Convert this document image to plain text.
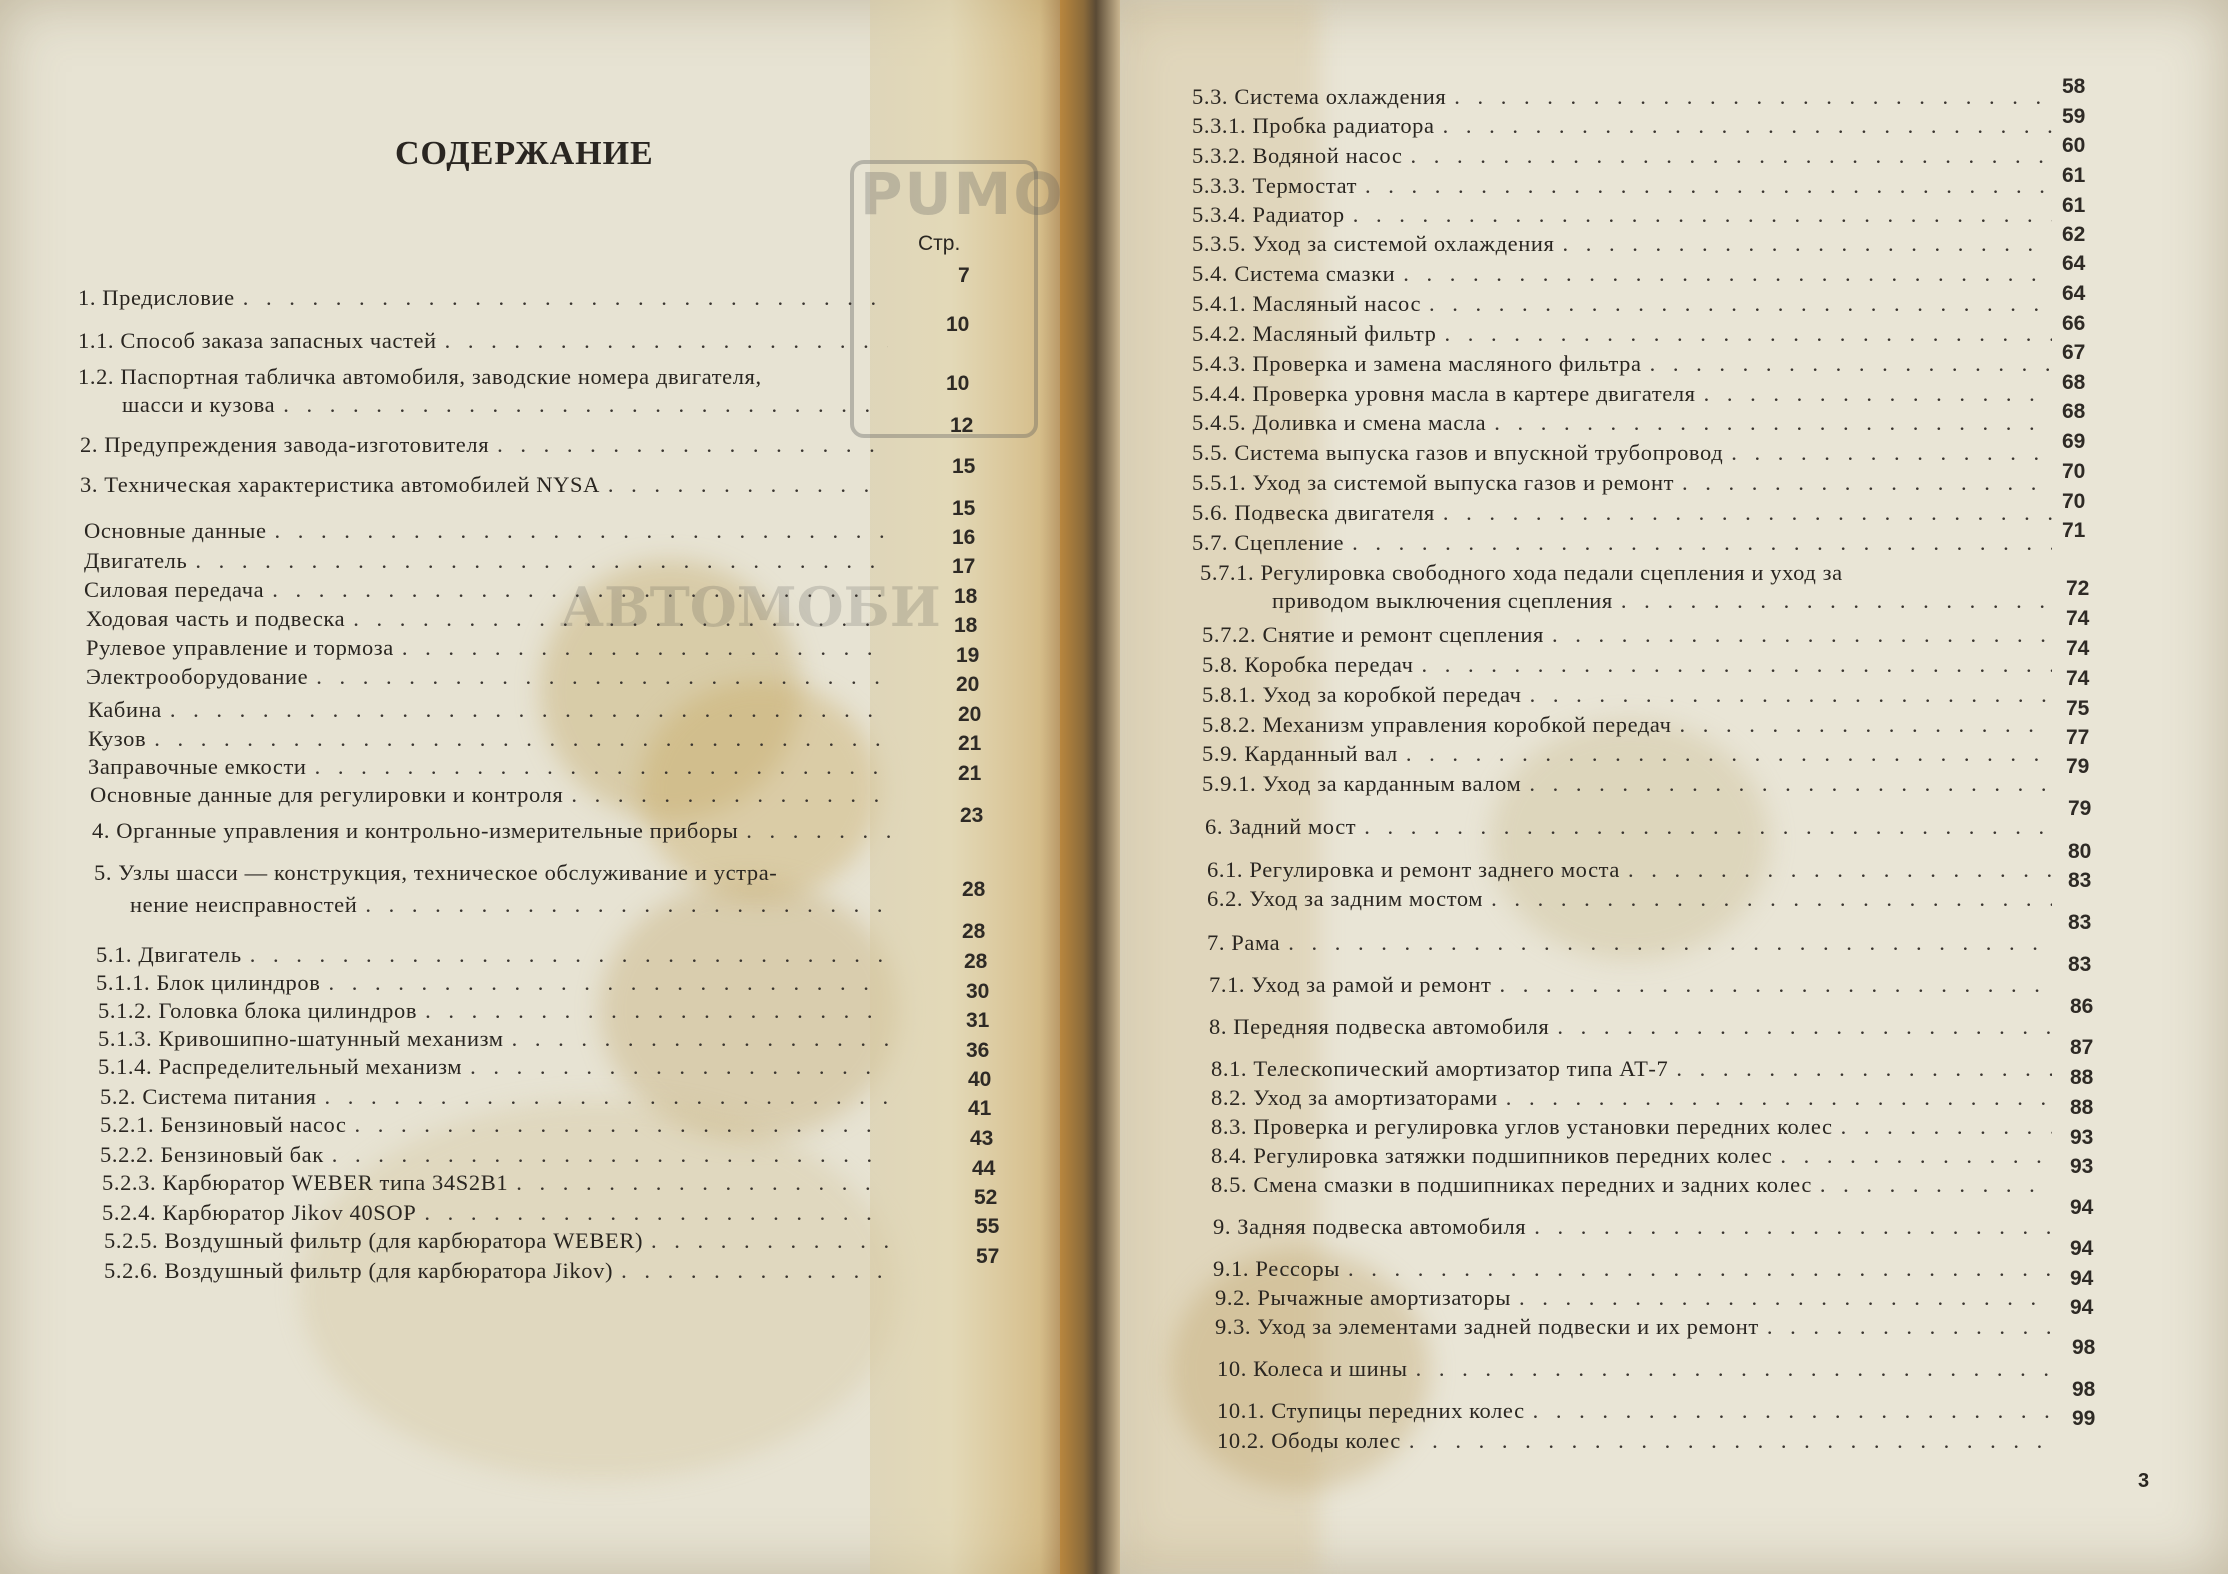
PUMO
АВТОМОБИ
СОДЕРЖАНИЕ
Стр.
1. Предисловие
. . .
1.1. Способ заказа запасных частей
. . .
1.2. Паспортная табличка автомобиля, заводские номера двигателя,
шасси и кузова
. . .
2. Предупреждения завода-изготовителя
. . .
3. Техническая характеристика автомобилей NYSA
. . .
Основные данные
. . .
Двигатель
. . .
Силовая передача
. . .
Ходовая часть и подвеска
. . .
Рулевое управление и тормоза
. . .
Электрооборудование
. . .
Кабина
. . .
Кузов
. . .
Заправочные емкости
. . .
Основные данные для регулировки и контроля
. . .
4. Органные управления и контрольно-измерительные приборы
. . .
5. Узлы шасси — конструкция, техническое обслуживание и устра-
нение неисправностей
. . .
5.1. Двигатель
. . .
5.1.1. Блок цилиндров
. . .
5.1.2. Головка блока цилиндров
. . .
5.1.3. Кривошипно-шатунный механизм
. . .
5.1.4. Распределительный механизм
. . .
5.2. Система питания
. . .
5.2.1. Бензиновый насос
. . .
5.2.2. Бензиновый бак
. . .
5.2.3. Карбюратор WEBER типа 34S2B1
. . .
5.2.4. Карбюратор Jikov 40SOP
. . .
5.2.5. Воздушный фильтр (для карбюратора WEBER)
. . .
5.2.6. Воздушный фильтр (для карбюратора Jikov)
. . .
7
10
10
12
15
15
16
17
18
18
19
20
20
21
21
23
28
28
28
30
31
36
40
41
43
44
52
55
57
5.3. Система охлаждения
. . .
5.3.1. Пробка радиатора
. . .
5.3.2. Водяной насос
. . .
5.3.3. Термостат
. . .
5.3.4. Радиатор
. . .
5.3.5. Уход за системой охлаждения
. . .
5.4. Система смазки
. . .
5.4.1. Масляный насос
. . .
5.4.2. Масляный фильтр
. . .
5.4.3. Проверка и замена масляного фильтра
. . .
5.4.4. Проверка уровня масла в картере двигателя
. . .
5.4.5. Доливка и смена масла
. . .
5.5. Система выпуска газов и впускной трубопровод
. . .
5.5.1. Уход за системой выпуска газов и ремонт
. . .
5.6. Подвеска двигателя
. . .
5.7. Сцепление
. . .
5.7.1. Регулировка свободного хода педали сцепления и уход за
приводом выключения сцепления
. . .
5.7.2. Снятие и ремонт сцепления
. . .
5.8. Коробка передач
. . .
5.8.1. Уход за коробкой передач
. . .
5.8.2. Механизм управления коробкой передач
. . .
5.9. Карданный вал
. . .
5.9.1. Уход за карданным валом
. . .
6. Задний мост
. . .
6.1. Регулировка и ремонт заднего моста
. . .
6.2. Уход за задним мостом
. . .
7. Рама
. . .
7.1. Уход за рамой и ремонт
. . .
8. Передняя подвеска автомобиля
. . .
8.1. Телескопический амортизатор типа АТ-7
. . .
8.2. Уход за амортизаторами
. . .
8.3. Проверка и регулировка углов установки передних колес
. . .
8.4. Регулировка затяжки подшипников передних колес
. . .
8.5. Смена смазки в подшипниках передних и задних колес
. . .
9. Задняя подвеска автомобиля
. . .
9.1. Рессоры
. . .
9.2. Рычажные амортизаторы
. . .
9.3. Уход за элементами задней подвески и их ремонт
. . .
10. Колеса и шины
. . .
10.1. Ступицы передних колес
. . .
10.2. Ободы колес
. . .
58
59
60
61
61
62
64
64
66
67
68
68
69
70
70
71
72
74
74
74
75
77
79
79
80
83
83
83
86
87
88
88
93
93
94
94
94
94
98
98
99
3
